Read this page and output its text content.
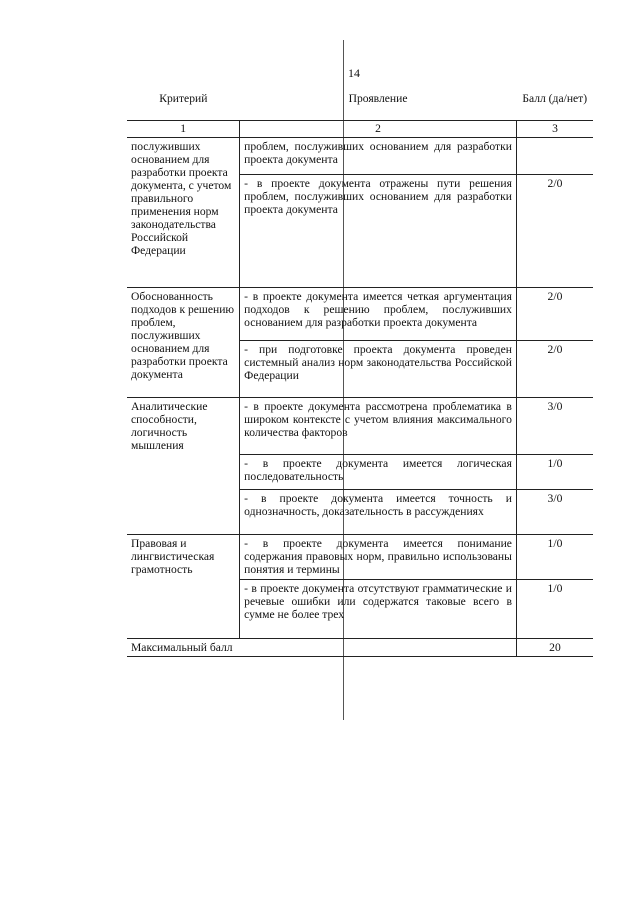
14
Критерий	Проявление	Балл (да/нет)
1	2	3
послуживших основанием для разработки проекта документа, с учетом правильного применения норм законодательства Российской Федерации	проблем, послуживших основанием для разработки проекта документа	
	- в проекте документа отражены пути решения проблем, послуживших основанием для разработки проекта документа	2/0
Обоснованность подходов к решению проблем, послуживших основанием для разработки проекта документа	- в проекте документа имеется четкая аргументация подходов к решению проблем, послуживших основанием для разработки проекта документа	2/0
	- при подготовке проекта документа проведен системный анализ норм законодательства Российской Федерации	2/0
Аналитические способности, логичность мышления	- в проекте документа рассмотрена проблематика в широком контексте с учетом влияния максимального количества факторов	3/0
	- в проекте документа имеется логическая последовательность	1/0
	- в проекте документа имеется точность и однозначность, доказательность в рассуждениях	3/0
Правовая и лингвистическая грамотность	- в проекте документа имеется понимание содержания правовых норм, правильно использованы понятия и термины	1/0
	- в проекте документа отсутствуют грамматические и речевые ошибки или содержатся таковые всего в сумме не более трех	1/0
Максимальный балл		20
